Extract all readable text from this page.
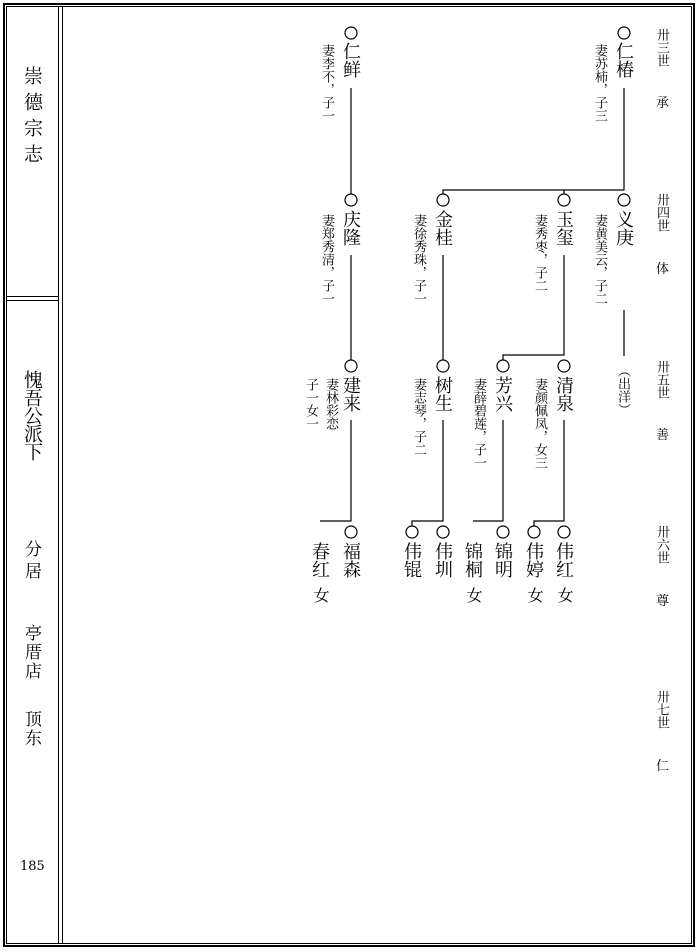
崇德宗志
愧吾公派下
分居
亭厝店
顶东
185
卅三世
承
卅四世
体
卅五世
善
卅六世
尊
卅七世
仁
仁椿
妻苏柿，子三
仁鲜
妻李不，子一
义庚
妻黄美云，子二
（出洋）
玉玺
妻秀枣，子二
金桂
妻徐秀珠，子一
庆隆
妻郑秀清，子一
清泉
妻颜佩凤，女三
芳兴
妻薛碧莲，子一
树生
妻志琴，子二
建来
妻林彩恋
子一女一
伟红
女
伟婷
女
锦明
锦桐
女
伟圳
伟锟
福森
春红
女
